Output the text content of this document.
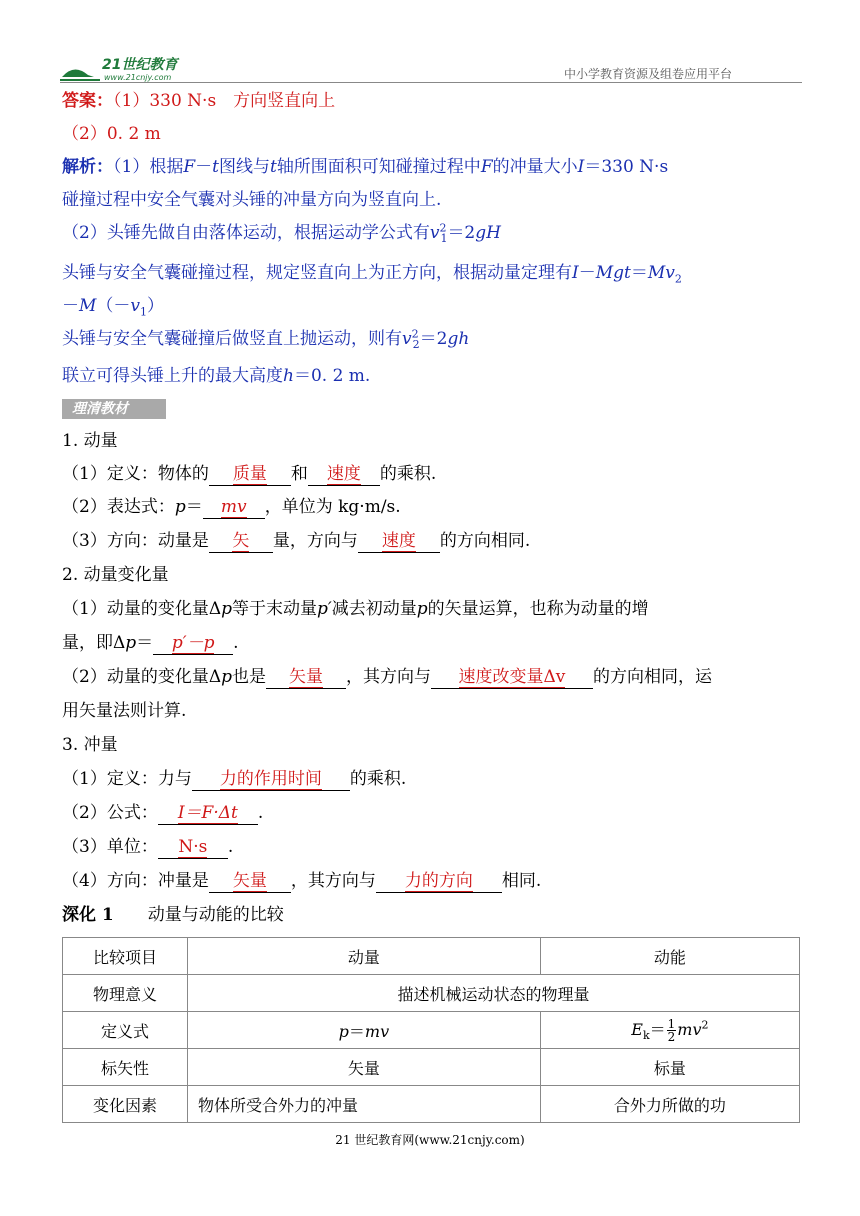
21世纪教育
www.21cnjy.com	中小学教育资源及组卷应用平台
答案：（1）330 N·s　方向竖直向上
（2）0. 2 m
解析：（1）根据F－t图线与t轴所围面积可知碰撞过程中F的冲量大小I＝330 N·s
碰撞过程中安全气囊对头锤的冲量方向为竖直向上.
（2）头锤先做自由落体运动，根据运动学公式有$v^2_1=2gH$
头锤与安全气囊碰撞过程，规定竖直向上为正方向，根据动量定理有$I-Mgt=Mv_2$
$-M(-v_1)$
头锤与安全气囊碰撞后做竖直上抛运动，则有$v^2_2=2gh$
联立可得头锤上升的最大高度h＝0. 2 m.
理清教材
1. 动量
（1）定义：物体的 质量 和 速度 的乘积.
（2）表达式：p＝ mv ，单位为 kg·m/s.
（3）方向：动量是 矢 量，方向与 速度 的方向相同.
2. 动量变化量
（1）动量的变化量Δp等于末动量p′减去初动量p的矢量运算，也称为动量的增
量，即Δp＝ p′－p .
（2）动量的变化量Δp也是 矢量 ，其方向与 速度改变量Δv 的方向相同，运
用矢量法则计算.
3. 冲量
（1）定义：力与 力的作用时间 的乘积.
（2）公式： I＝F·Δt .
（3）单位： N·s .
（4）方向：冲量是 矢量 ，其方向与 力的方向 相同.
深化 1 动量与动能的比较
比较项目	动量	动能
物理意义	描述机械运动状态的物理量	
定义式	p＝mv	$E_k= \frac{1}{2} mv^2$
标矢性	矢量	标量
变化因素	物体所受合外力的冲量	合外力所做的功
21 世纪教育网(www.21cnjy.com)
